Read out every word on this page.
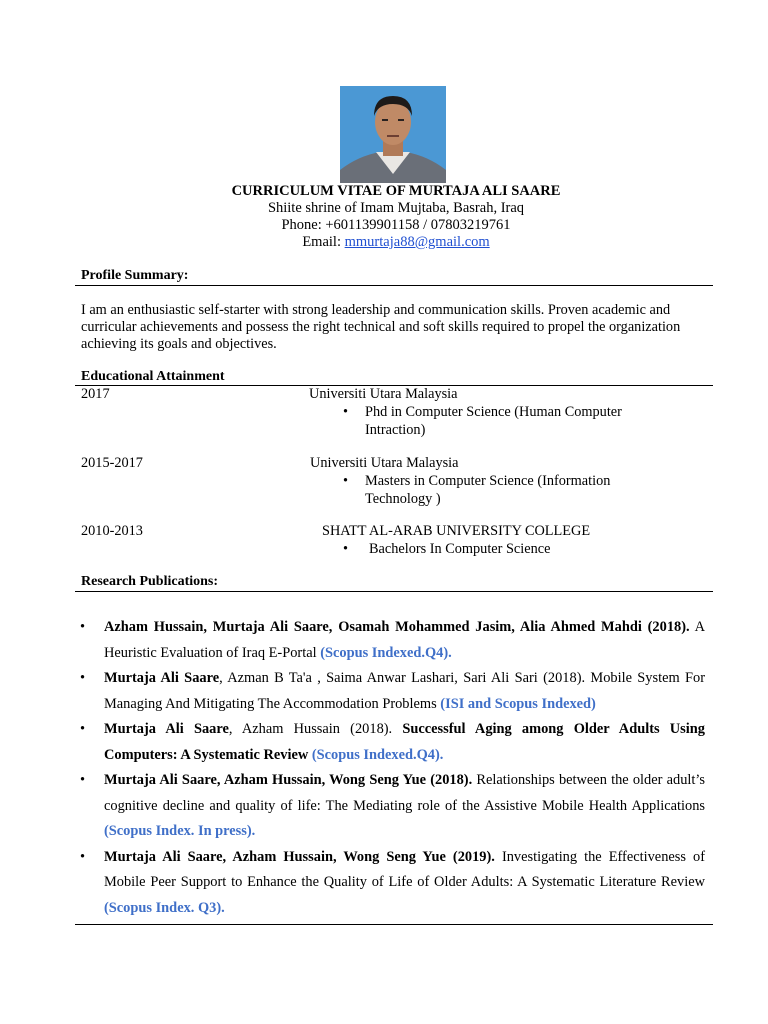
CURRICULUM VITAE OF MURTAJA ALI SAARE
Shiite shrine of Imam Mujtaba, Basrah, Iraq
Phone: +601139901158 / 07803219761
Email: mmurtaja88@gmail.com
Profile Summary:
I am an enthusiastic self-starter with strong leadership and communication skills. Proven academic and curricular achievements and possess the right technical and soft skills required to propel the organization achieving its goals and objectives.
Educational Attainment
2017	Universiti Utara Malaysia
• Phd in Computer Science (Human Computer Intraction)
2015-2017	Universiti Utara Malaysia
• Masters in Computer Science (Information Technology )
2010-2013	SHATT AL-ARAB UNIVERSITY COLLEGE
• Bachelors In Computer Science
Research Publications:
• Azham Hussain, Murtaja Ali Saare, Osamah Mohammed Jasim, Alia Ahmed Mahdi (2018). A Heuristic Evaluation of Iraq E-Portal (Scopus Indexed.Q4).
• Murtaja Ali Saare, Azman B Ta'a , Saima Anwar Lashari, Sari Ali Sari (2018). Mobile System For Managing And Mitigating The Accommodation Problems (ISI and Scopus Indexed)
• Murtaja Ali Saare, Azham Hussain (2018). Successful Aging among Older Adults Using Computers: A Systematic Review (Scopus Indexed.Q4).
• Murtaja Ali Saare, Azham Hussain, Wong Seng Yue (2018). Relationships between the older adult’s cognitive decline and quality of life: The Mediating role of the Assistive Mobile Health Applications (Scopus Index. In press).
• Murtaja Ali Saare, Azham Hussain, Wong Seng Yue (2019). Investigating the Effectiveness of Mobile Peer Support to Enhance the Quality of Life of Older Adults: A Systematic Literature Review (Scopus Index. Q3).
